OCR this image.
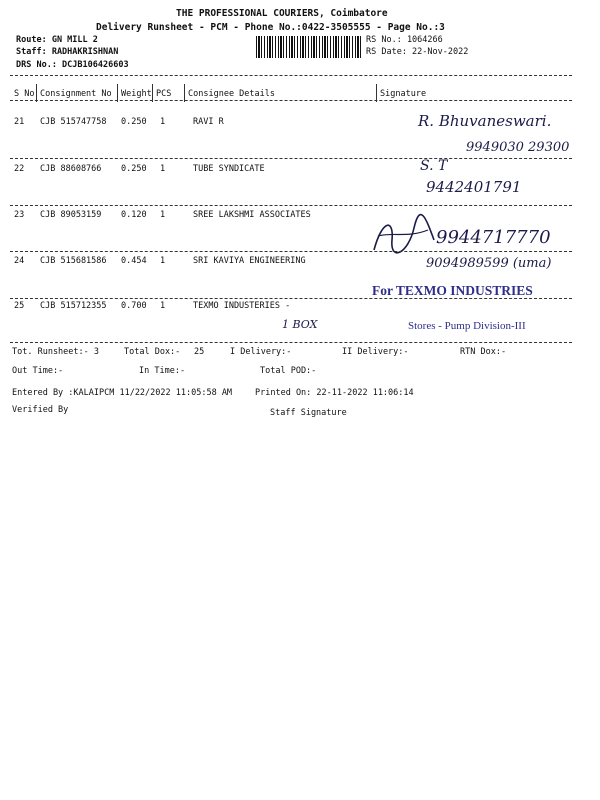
THE PROFESSIONAL COURIERS, Coimbatore
Delivery Runsheet - PCM - Phone No.:0422-3505555 - Page No.:3
Route: GN MILL 2
Staff: RADHAKRISHNAN
DRS No.: DCJB106426603
RS No.: 1064266
RS Date: 22-Nov-2022
S No Consignment No Weight PCS Consignee Details	Signature
21 CJB 515747758 0.250 1	RAVI R	R. Bhuvaneswari.
9949030 29300
22 CJB 88608766 0.250 1	TUBE SYNDICATE	S. T
9442401791
23 CJB 89053159 0.120 1	SREE LAKSHMI ASSOCIATES
9944717770
24 CJB 515681586 0.454 1	SRI KAVIYA ENGINEERING	9094989599 (uma)
25 CJB 515712355 0.700 1	TEXMO INDUSTERIES -
1 BOX
For TEXMO INDUSTRIES
Stores - Pump Division-III
Tot. Runsheet:- 3	Total Dox:- 25	I Delivery:-	II Delivery:-	RTN Dox:-
Out Time:-	In Time:-	Total POD:-
Entered By :KALAIPCM 11/22/2022 11:05:58 AM	Printed On: 22-11-2022 11:06:14
Verified By	Staff Signature
